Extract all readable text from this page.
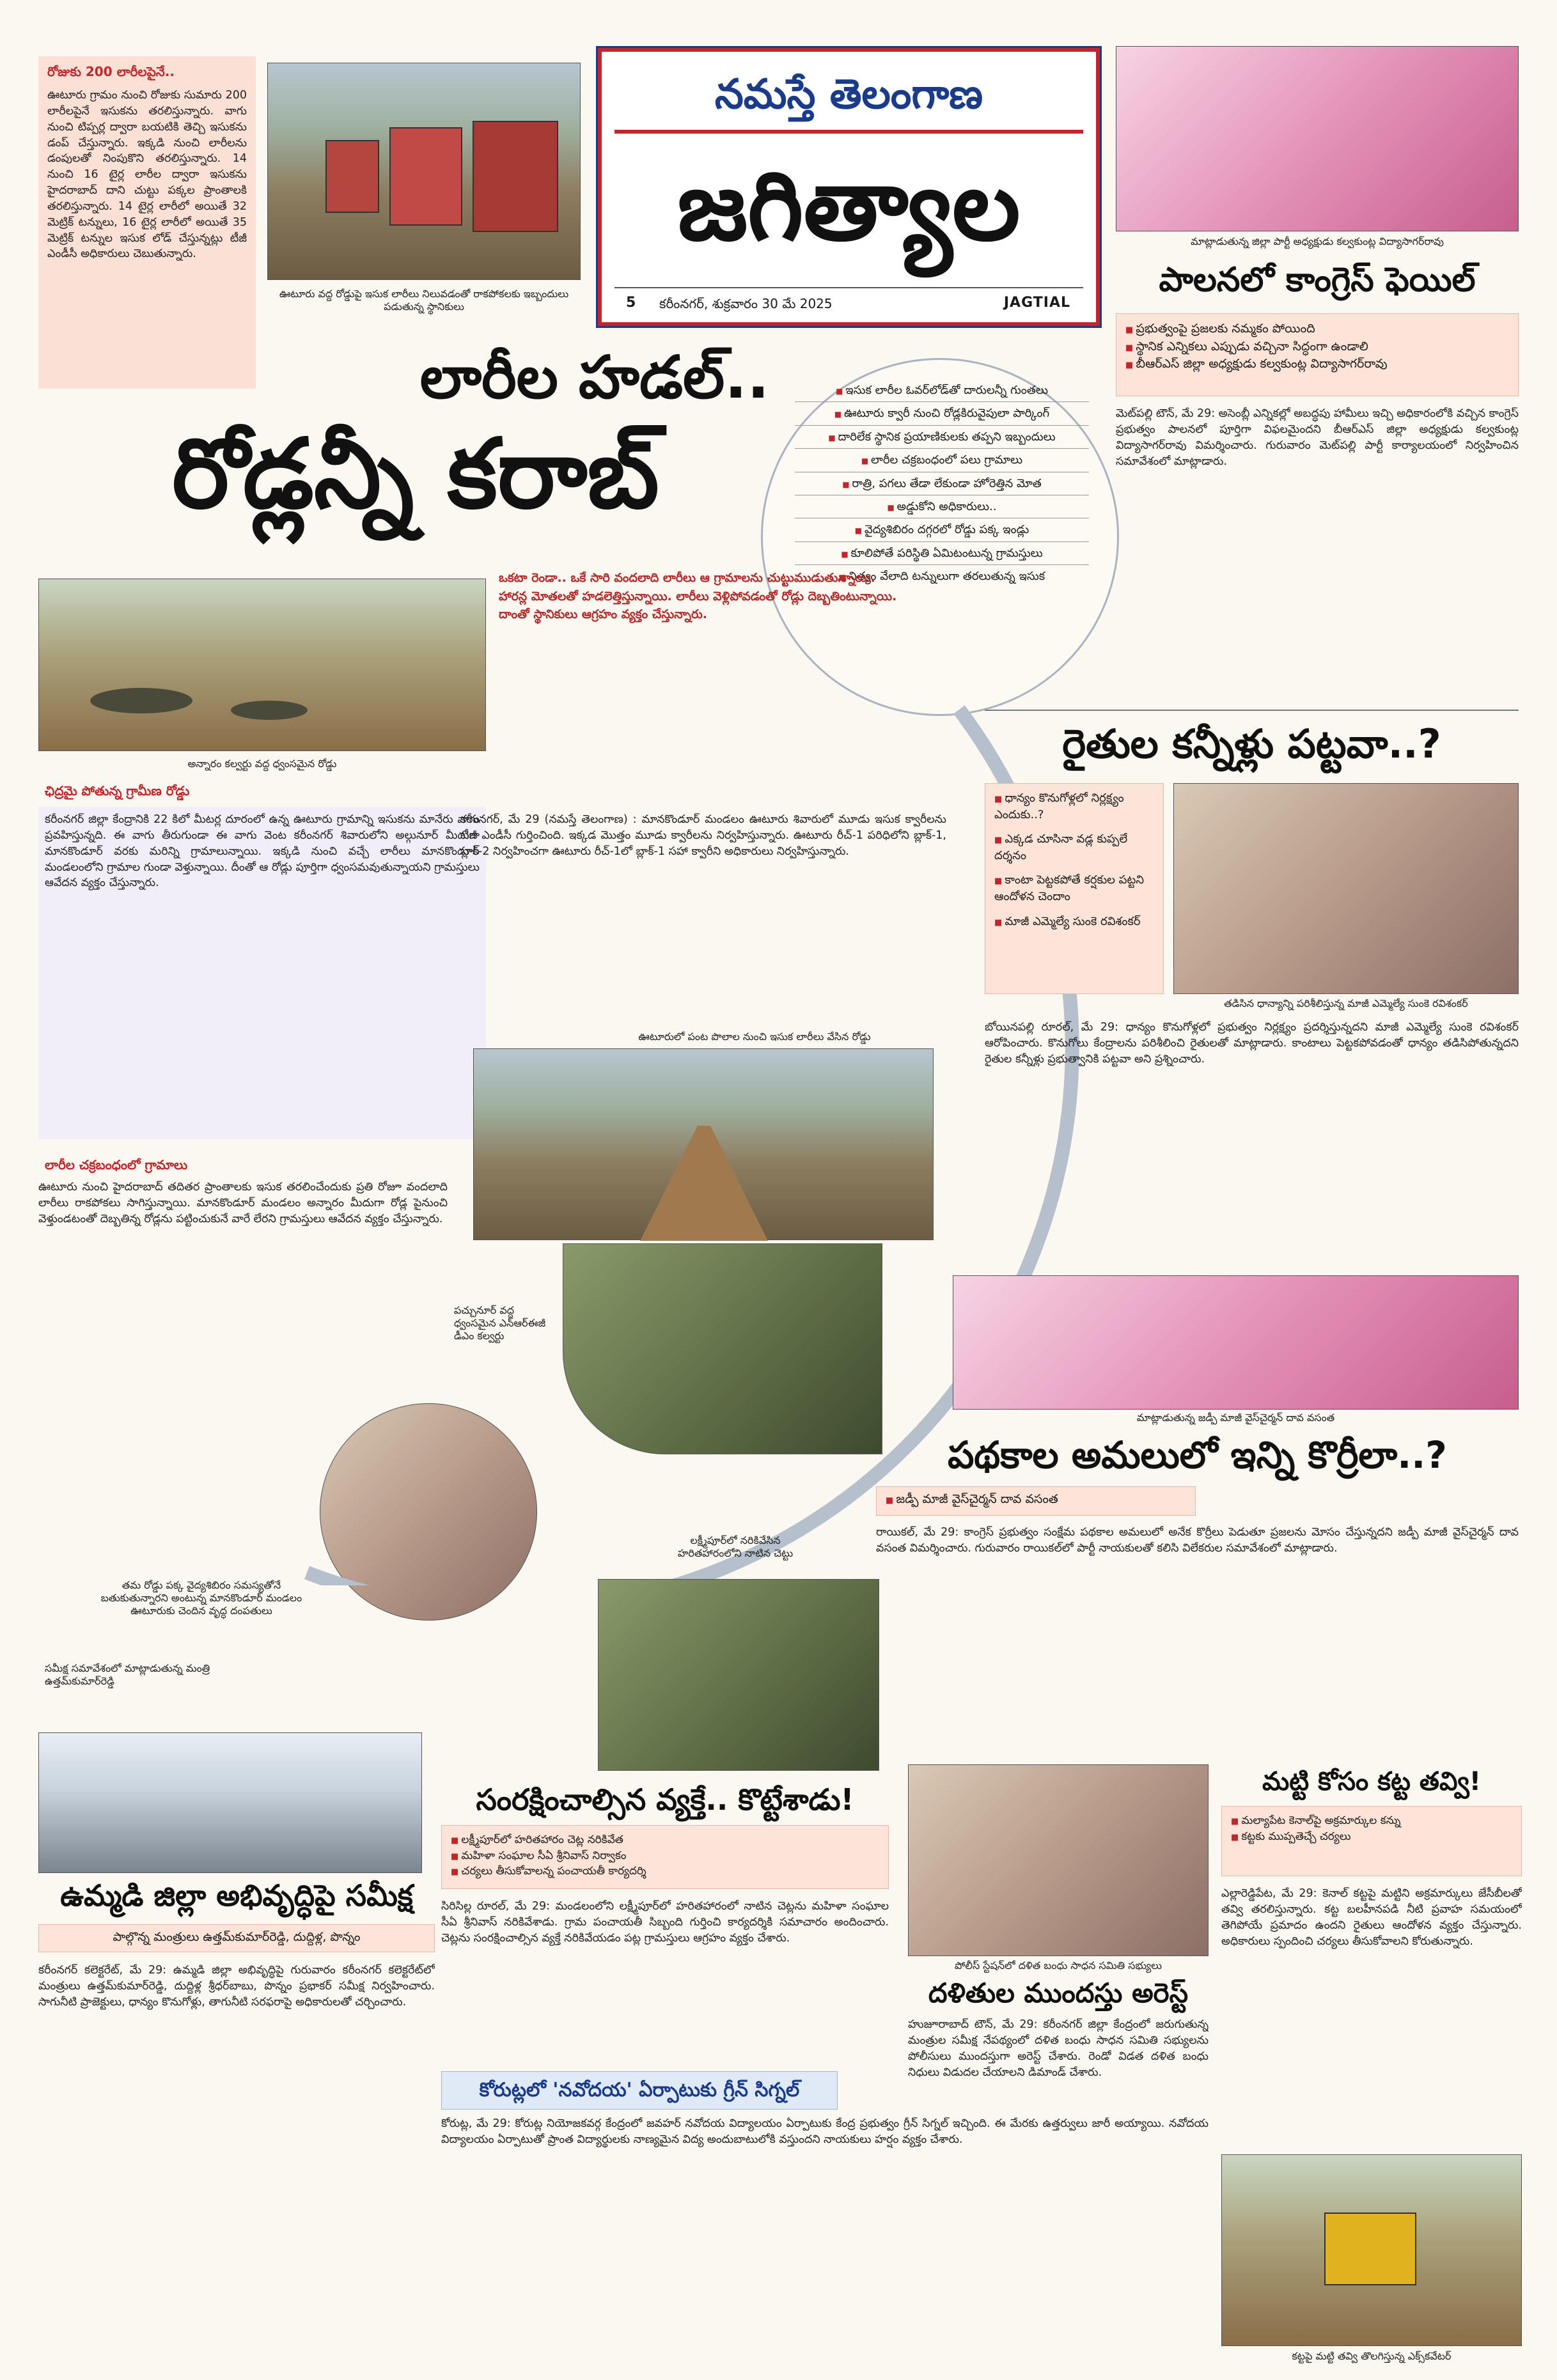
రోజుకు 200 లారీలపైనే..
ఊటూరు గ్రామం నుంచి రోజుకు సుమారు 200 లారీలపైనే ఇసుకను తరలిస్తున్నారు. వాగు నుంచి టిప్పర్ల ద్వారా బయటికి తెచ్చి ఇసుకను డంప్ చేస్తున్నారు. ఇక్కడి నుంచి లారీలను డంపులతో నింపుకొని తరలిస్తున్నారు. 14 నుంచి 16 టైర్ల లారీల ద్వారా ఇసుకను హైదరాబాద్ దాని చుట్టు పక్కల ప్రాంతాలకి తరలిస్తున్నారు. 14 టైర్ల లారీలో అయితే 32 మెట్రిక్ టన్నులు, 16 టైర్ల లారీలో అయితే 35 మెట్రిక్ టన్నుల ఇసుక లోడ్ చేస్తున్నట్లు టీజీ ఎండీసీ అధికారులు చెబుతున్నారు.
ఊటూరు వద్ద రోడ్డుపై ఇసుక లారీలు నిలువడంతో రాకపోకలకు ఇబ్బందులు పడుతున్న స్థానికులు
నమస్తే తెలంగాణ
జగిత్యాల
5 కరీంనగర్, శుక్రవారం 30 మే 2025	JAGTIAL
లారీల హడల్..
రోడ్లన్నీ కరాబ్
■ ఇసుక లారీల ఓవర్‌లోడ్‌తో దారులన్నీ గుంతలు
■ ఊటూరు క్వారీ నుంచి రోడ్లకిరువైపులా పార్కింగ్
■ దారిలేక స్థానిక ప్రయాణికులకు తప్పని ఇబ్బందులు
■ లారీల చక్రబంధంలో పలు గ్రామాలు
■ రాత్రి, పగలు తేడా లేకుండా హోరెత్తిన మోత
■ అడ్డుకోని అధికారులు..
■ వైద్యశిబిరం దగ్గరలో రోడ్డు పక్క ఇండ్లు
■ కూలిపోతే పరిస్థితి ఏమిటంటున్న గ్రామస్తులు
■ నిత్యం వేలాది టన్నులుగా తరలుతున్న ఇసుక
ఒకటా రెండా.. ఒకే సారి వందలాది లారీలు ఆ గ్రామాలను చుట్టుముడుతున్నాయి. హారన్ల మోతలతో హడలెత్తిస్తున్నాయి. లారీలు వెళ్లిపోవడంతో రోడ్లు దెబ్బతింటున్నాయి. దాంతో స్థానికులు ఆగ్రహం వ్యక్తం చేస్తున్నారు.
అన్నారం కల్వర్టు వద్ద ధ్వంసమైన రోడ్డు
ఛిద్రమై పోతున్న గ్రామీణ రోడ్డు
కరీంనగర్ జిల్లా కేంద్రానికి 22 కిలో మీటర్ల దూరంలో ఉన్న ఊటూరు గ్రామాన్ని ఇసుకను మానేరు వాగు ప్రవహిస్తున్నది. ఈ వాగు తీరుగుండా ఈ వాగు వెంట కరీంనగర్ శివారులోని అల్గునూర్ మీదుగా మానకొండూర్ వరకు మరిన్ని గ్రామాలున్నాయి. ఇక్కడి నుంచి వచ్చే లారీలు మానకొండూర్ మండలంలోని గ్రామాల గుండా వెళ్తున్నాయి. దీంతో ఆ రోడ్లు పూర్తిగా ధ్వంసమవుతున్నాయని గ్రామస్తులు ఆవేదన వ్యక్తం చేస్తున్నారు.
కరీంనగర్, మే 29 (నమస్తే తెలంగాణ) : మానకొండూర్ మండలం ఊటూరు శివారులో మూడు ఇసుక క్వారీలను టీజీ ఎండీసీ గుర్తించింది. ఇక్కడ మొత్తం మూడు క్వారీలను నిర్వహిస్తున్నారు. ఊటూరు రీచ్-1 పరిధిలోని బ్లాక్-1, బ్లాక్-2 నిర్వహించగా ఊటూరు రీచ్-1లో బ్లాక్-1 సహా క్వారీని అధికారులు నిర్వహిస్తున్నారు.
ఊటూరులో పంట పొలాల నుంచి ఇసుక లారీలు వేసిన రోడ్డు
లారీల చక్రబంధంలో గ్రామాలు
ఊటూరు నుంచి హైదరాబాద్ తదితర ప్రాంతాలకు ఇసుక తరలించేందుకు ప్రతి రోజూ వందలాది లారీలు రాకపోకలు సాగిస్తున్నాయి. మానకొండూర్ మండలం అన్నారం మీదుగా రోడ్ల పైనుంచి వెళ్తుండటంతో దెబ్బతిన్న రోడ్లను పట్టించుకునే వారే లేరని గ్రామస్తులు ఆవేదన వ్యక్తం చేస్తున్నారు.
పచ్చునూర్ వద్ద ధ్వంసమైన ఎన్‌ఆర్‌ఈజీ డీఎం కల్వర్టు
తమ రోడ్డు పక్క వైద్యశిబిరం సమస్యతోనే బతుకుతున్నారని అంటున్న మానకొండూర్ మండలం ఊటూరుకు చెందిన వృద్ధ దంపతులు
మాట్లాడుతున్న జిల్లా పార్టీ అధ్యక్షుడు కల్వకుంట్ల విద్యాసాగర్‌రావు
పాలనలో కాంగ్రెస్ ఫెయిల్
■ ప్రభుత్వంపై ప్రజలకు నమ్మకం పోయింది
■ స్థానిక ఎన్నికలు ఎప్పుడు వచ్చినా సిద్ధంగా ఉండాలి
■ బీఆర్‌ఎస్ జిల్లా అధ్యక్షుడు కల్వకుంట్ల విద్యాసాగర్‌రావు
మెట్‌పల్లి టౌన్, మే 29: అసెంబ్లీ ఎన్నికల్లో అబద్ధపు హామీలు ఇచ్చి అధికారంలోకి వచ్చిన కాంగ్రెస్ ప్రభుత్వం పాలనలో పూర్తిగా విఫలమైందని బీఆర్‌ఎస్ జిల్లా అధ్యక్షుడు కల్వకుంట్ల విద్యాసాగర్‌రావు విమర్శించారు. గురువారం మెట్‌పల్లి పార్టీ కార్యాలయంలో నిర్వహించిన సమావేశంలో మాట్లాడారు.
రైతుల కన్నీళ్లు పట్టవా..?
■ ధాన్యం కొనుగోళ్లలో నిర్లక్ష్యం ఎందుకు..?
■ ఎక్కడ చూసినా వడ్ల కుప్పలే దర్శనం
■ కాంటా పెట్టకపోతే కర్షకుల పట్టని ఆందోళన చెందాం
■ మాజీ ఎమ్మెల్యే సుంకె రవిశంకర్
తడిసిన ధాన్యాన్ని పరిశీలిస్తున్న మాజీ ఎమ్మెల్యే సుంకె రవిశంకర్
బోయినపల్లి రూరల్, మే 29: ధాన్యం కొనుగోళ్లలో ప్రభుత్వం నిర్లక్ష్యం ప్రదర్శిస్తున్నదని మాజీ ఎమ్మెల్యే సుంకె రవిశంకర్ ఆరోపించారు. కొనుగోలు కేంద్రాలను పరిశీలించి రైతులతో మాట్లాడారు. కాంటాలు పెట్టకపోవడంతో ధాన్యం తడిసిపోతున్నదని రైతుల కన్నీళ్లు ప్రభుత్వానికి పట్టవా అని ప్రశ్నించారు.
మాట్లాడుతున్న జడ్పీ మాజీ వైస్‌చైర్మన్ దావ వసంత
పథకాల అమలులో ఇన్ని కొర్రీలా..?
■ జడ్పీ మాజీ వైస్‌చైర్మన్ దావ వసంత
రాయికల్, మే 29: కాంగ్రెస్ ప్రభుత్వం సంక్షేమ పథకాల అమలులో అనేక కొర్రీలు పెడుతూ ప్రజలను మోసం చేస్తున్నదని జడ్పీ మాజీ వైస్‌చైర్మన్ దావ వసంత విమర్శించారు. గురువారం రాయికల్‌లో పార్టీ నాయకులతో కలిసి విలేకరుల సమావేశంలో మాట్లాడారు.
సమీక్ష సమావేశంలో మాట్లాడుతున్న మంత్రి ఉత్తమ్‌కుమార్‌రెడ్డి
లక్ష్మీపూర్‌లో నరికివేసిన హరితహారంలోని నాటిన చెట్టు
సంరక్షించాల్సిన వ్యక్తే.. కొట్టేశాడు!
■ లక్ష్మీపూర్‌లో హరితహారం చెట్ల నరికివేత
■ మహిళా సంఘాల సీఏ శ్రీనివాస్ నిర్వాకం
■ చర్యలు తీసుకోవాలన్న పంచాయతీ కార్యదర్శి
సిరిసిల్ల రూరల్, మే 29: మండలంలోని లక్ష్మీపూర్‌లో హరితహారంలో నాటిన చెట్లను మహిళా సంఘాల సీఏ శ్రీనివాస్ నరికివేశాడు. గ్రామ పంచాయతీ సిబ్బంది గుర్తించి కార్యదర్శికి సమాచారం అందించారు. చెట్లను సంరక్షించాల్సిన వ్యక్తే నరికివేయడం పట్ల గ్రామస్తులు ఆగ్రహం వ్యక్తం చేశారు.
ఉమ్మడి జిల్లా అభివృద్ధిపై సమీక్ష
పాల్గొన్న మంత్రులు ఉత్తమ్‌కుమార్‌రెడ్డి, దుద్దిళ్ల, పొన్నం
కరీంనగర్ కలెక్టరేట్, మే 29: ఉమ్మడి జిల్లా అభివృద్ధిపై గురువారం కరీంనగర్ కలెక్టరేట్‌లో మంత్రులు ఉత్తమ్‌కుమార్‌రెడ్డి, దుద్దిళ్ల శ్రీధర్‌బాబు, పొన్నం ప్రభాకర్ సమీక్ష నిర్వహించారు. సాగునీటి ప్రాజెక్టులు, ధాన్యం కొనుగోళ్లు, తాగునీటి సరఫరాపై అధికారులతో చర్చించారు.
పోలీస్ స్టేషన్‌లో దళిత బంధు సాధన సమితి సభ్యులు
దళితుల ముందస్తు అరెస్ట్
హుజూరాబాద్ టౌన్, మే 29: కరీంనగర్ జిల్లా కేంద్రంలో జరుగుతున్న మంత్రుల సమీక్ష నేపథ్యంలో దళిత బంధు సాధన సమితి సభ్యులను పోలీసులు ముందస్తుగా అరెస్ట్ చేశారు. రెండో విడత దళిత బంధు నిధులు విడుదల చేయాలని డిమాండ్ చేశారు.
మట్టి కోసం కట్ట తవ్వి!
■ మల్యాపేట కెనాల్‌పై అక్రమార్కుల కన్ను
■ కట్టకు ముప్పతెచ్చే చర్యలు
ఎల్లారెడ్డిపేట, మే 29: కెనాల్ కట్టపై మట్టిని అక్రమార్కులు జేసీబీలతో తవ్వి తరలిస్తున్నారు. కట్ట బలహీనపడి నీటి ప్రవాహ సమయంలో తెగిపోయే ప్రమాదం ఉందని రైతులు ఆందోళన వ్యక్తం చేస్తున్నారు. అధికారులు స్పందించి చర్యలు తీసుకోవాలని కోరుతున్నారు.
కట్టపై మట్టి తవ్వి తొలగిస్తున్న ఎక్స్‌కవేటర్
కోరుట్లలో 'నవోదయ' ఏర్పాటుకు గ్రీన్ సిగ్నల్
కోరుట్ల, మే 29: కోరుట్ల నియోజకవర్గ కేంద్రంలో జవహర్ నవోదయ విద్యాలయం ఏర్పాటుకు కేంద్ర ప్రభుత్వం గ్రీన్ సిగ్నల్ ఇచ్చింది. ఈ మేరకు ఉత్తర్వులు జారీ అయ్యాయి. నవోదయ విద్యాలయం ఏర్పాటుతో ప్రాంత విద్యార్థులకు నాణ్యమైన విద్య అందుబాటులోకి వస్తుందని నాయకులు హర్షం వ్యక్తం చేశారు.
